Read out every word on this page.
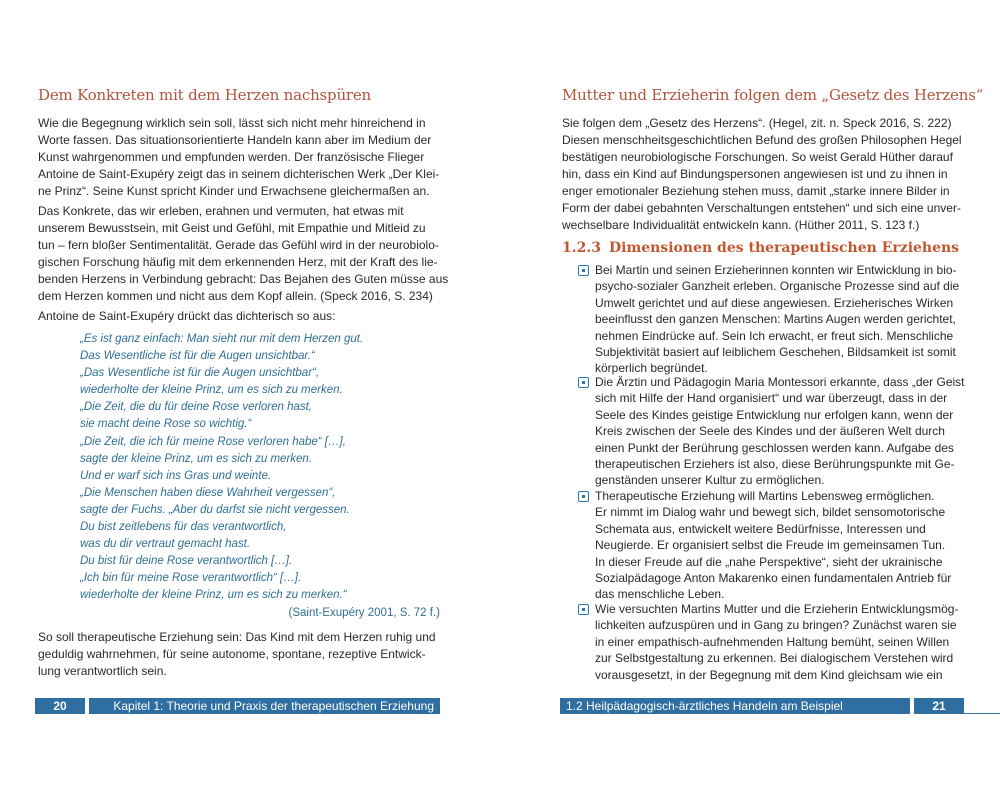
Dem Konkreten mit dem Herzen nachspüren
Wie die Begegnung wirklich sein soll, lässt sich nicht mehr hinreichend in
Worte fassen. Das situationsorientierte Handeln kann aber im Medium der
Kunst wahrgenommen und empfunden werden. Der französische Flieger
Antoine de Saint-Exupéry zeigt das in seinem dichterischen Werk „Der Klei-
ne Prinz“. Seine Kunst spricht Kinder und Erwachsene gleichermaßen an.
Das Konkrete, das wir erleben, erahnen und vermuten, hat etwas mit
unserem Bewusstsein, mit Geist und Gefühl, mit Empathie und Mitleid zu
tun – fern bloßer Sentimentalität. Gerade das Gefühl wird in der neurobiolo-
gischen Forschung häufig mit dem erkennenden Herz, mit der Kraft des lie-
benden Herzens in Verbindung gebracht: Das Bejahen des Guten müsse aus
dem Herzen kommen und nicht aus dem Kopf allein. (Speck 2016, S. 234)
Antoine de Saint-Exupéry drückt das dichterisch so aus:
„Es ist ganz einfach: Man sieht nur mit dem Herzen gut.
Das Wesentliche ist für die Augen unsichtbar.“
„Das Wesentliche ist für die Augen unsichtbar“,
wiederholte der kleine Prinz, um es sich zu merken.
„Die Zeit, die du für deine Rose verloren hast,
sie macht deine Rose so wichtig.“
„Die Zeit, die ich für meine Rose verloren habe“ […],
sagte der kleine Prinz, um es sich zu merken.
Und er warf sich ins Gras und weinte.
„Die Menschen haben diese Wahrheit vergessen“,
sagte der Fuchs. „Aber du darfst sie nicht vergessen.
Du bist zeitlebens für das verantwortlich,
was du dir vertraut gemacht hast.
Du bist für deine Rose verantwortlich […].
„Ich bin für meine Rose verantwortlich“ […].
wiederholte der kleine Prinz, um es sich zu merken.“
(Saint-Exupéry 2001, S. 72 f.)
So soll therapeutische Erziehung sein: Das Kind mit dem Herzen ruhig und
geduldig wahrnehmen, für seine autonome, spontane, rezeptive Entwick-
lung verantwortlich sein.
20	Kapitel 1: Theorie und Praxis der therapeutischen Erziehung
Mutter und Erzieherin folgen dem „Gesetz des Herzens“
Sie folgen dem „Gesetz des Herzens“. (Hegel, zit. n. Speck 2016, S. 222)
Diesen menschheitsgeschichtlichen Befund des großen Philosophen Hegel
bestätigen neurobiologische Forschungen. So weist Gerald Hüther darauf
hin, dass ein Kind auf Bindungspersonen angewiesen ist und zu ihnen in
enger emotionaler Beziehung stehen muss, damit „starke innere Bilder in
Form der dabei gebahnten Verschaltungen entstehen“ und sich eine unver-
wechselbare Individualität entwickeln kann. (Hüther 2011, S. 123 f.)
1.2.3 Dimensionen des therapeutischen Erziehens
Bei Martin und seinen Erzieherinnen konnten wir Entwicklung in bio-
psycho-sozialer Ganzheit erleben. Organische Prozesse sind auf die
Umwelt gerichtet und auf diese angewiesen. Erzieherisches Wirken
beeinflusst den ganzen Menschen: Martins Augen werden gerichtet,
nehmen Eindrücke auf. Sein Ich erwacht, er freut sich. Menschliche
Subjektivität basiert auf leiblichem Geschehen, Bildsamkeit ist somit
körperlich begründet.
Die Ärztin und Pädagogin Maria Montessori erkannte, dass „der Geist
sich mit Hilfe der Hand organisiert“ und war überzeugt, dass in der
Seele des Kindes geistige Entwicklung nur erfolgen kann, wenn der
Kreis zwischen der Seele des Kindes und der äußeren Welt durch
einen Punkt der Berührung geschlossen werden kann. Aufgabe des
therapeutischen Erziehers ist also, diese Berührungspunkte mit Ge-
genständen unserer Kultur zu ermöglichen.
Therapeutische Erziehung will Martins Lebensweg ermöglichen.
Er nimmt im Dialog wahr und bewegt sich, bildet sensomotorische
Schemata aus, entwickelt weitere Bedürfnisse, Interessen und
Neugierde. Er organisiert selbst die Freude im gemeinsamen Tun.
In dieser Freude auf die „nahe Perspektive“, sieht der ukrainische
Sozialpädagoge Anton Makarenko einen fundamentalen Antrieb für
das menschliche Leben.
Wie versuchten Martins Mutter und die Erzieherin Entwicklungsmög-
lichkeiten aufzuspüren und in Gang zu bringen? Zunächst waren sie
in einer empathisch-aufnehmenden Haltung bemüht, seinen Willen
zur Selbstgestaltung zu erkennen. Bei dialogischem Verstehen wird
vorausgesetzt, in der Begegnung mit dem Kind gleichsam wie ein
1.2 Heilpädagogisch-ärztliches Handeln am Beispiel	21
